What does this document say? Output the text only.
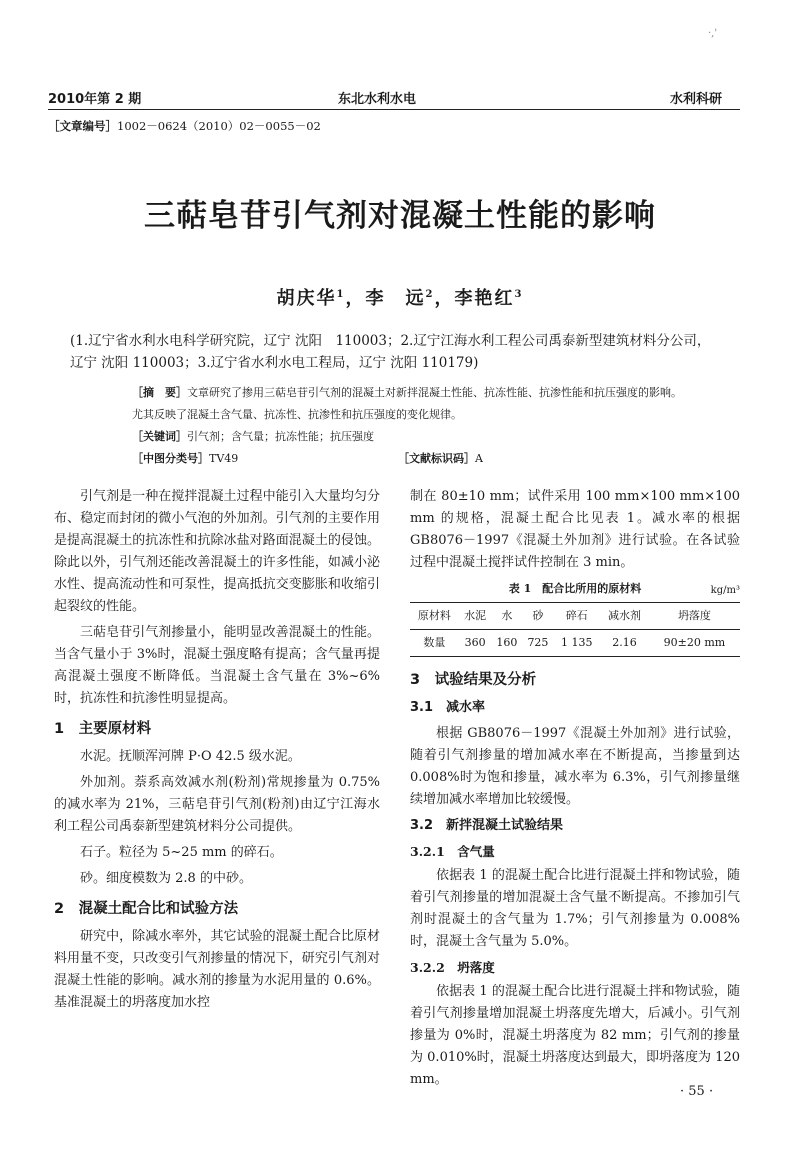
·,'
2010年第 2 期	东北水利水电	水利科研
［文章编号］1002－0624（2010）02－0055－02
三萜皂苷引气剂对混凝土性能的影响
胡庆华$^1$，李　远$^2$，李艳红$^3$
(1.辽宁省水利水电科学研究院，辽宁 沈阳　110003；2.辽宁江海水利工程公司禹泰新型建筑材料分公司，
辽宁 沈阳 110003；3.辽宁省水利水电工程局，辽宁 沈阳 110179)
［摘　要］文章研究了掺用三萜皂苷引气剂的混凝土对新拌混凝土性能、抗冻性能、抗渗性能和抗压强度的影响。尤其反映了混凝土含气量、抗冻性、抗渗性和抗压强度的变化规律。
［关键词］引气剂；含气量；抗冻性能；抗压强度
［中图分类号］TV49	［文献标识码］A

引气剂是一种在搅拌混凝土过程中能引入大量均匀分布、稳定而封闭的微小气泡的外加剂。引气剂的主要作用是提高混凝土的抗冻性和抗除冰盐对路面混凝土的侵蚀。除此以外，引气剂还能改善混凝土的许多性能，如减小泌水性、提高流动性和可泵性，提高抵抗交变膨胀和收缩引起裂纹的性能。

三萜皂苷引气剂掺量小，能明显改善混凝土的性能。当含气量小于 3%时，混凝土强度略有提高；含气量再提高混凝土强度不断降低。当混凝土含气量在 3%~6%时，抗冻性和抗渗性明显提高。

1　主要原材料

水泥。抚顺浑河牌 P·O 42.5 级水泥。

外加剂。萘系高效减水剂(粉剂)常规掺量为 0.75%的减水率为 21%，三萜皂苷引气剂(粉剂)由辽宁江海水利工程公司禹泰新型建筑材料分公司提供。

石子。粒径为 5~25 mm 的碎石。

砂。细度模数为 2.8 的中砂。

2　混凝土配合比和试验方法

研究中，除减水率外，其它试验的混凝土配合比原材料用量不变，只改变引气剂掺量的情况下，研究引气剂对混凝土性能的影响。减水剂的掺量为水泥用量的 0.6%。基准混凝土的坍落度加水控

制在 80±10 mm；试件采用 100 mm×100 mm×100 mm 的规格，混凝土配合比见表 1。减水率的根据 GB8076－1997《混凝土外加剂》进行试验。在各试验过程中混凝土搅拌试件控制在 3 min。

表 1　配合比所用的原材料	kg/m³
原材料	水泥	水	砂	碎石	减水剂	坍落度
数量	360	160	725	1 135	2.16	90±20 mm
3　试验结果及分析
3.1　减水率

根据 GB8076－1997《混凝土外加剂》进行试验，随着引气剂掺量的增加减水率在不断提高，当掺量到达 0.008%时为饱和掺量，减水率为 6.3%，引气剂掺量继续增加减水率增加比较缓慢。

3.2　新拌混凝土试验结果
3.2.1　含气量

依据表 1 的混凝土配合比进行混凝土拌和物试验，随着引气剂掺量的增加混凝土含气量不断提高。不掺加引气剂时混凝土的含气量为 1.7%；引气剂掺量为 0.008%时，混凝土含气量为 5.0%。

3.2.2　坍落度

依据表 1 的混凝土配合比进行混凝土拌和物试验，随着引气剂掺量增加混凝土坍落度先增大，后减小。引气剂掺量为 0%时，混凝土坍落度为 82 mm；引气剂的掺量为 0.010%时，混凝土坍落度达到最大，即坍落度为 120 mm。

· 55 ·
